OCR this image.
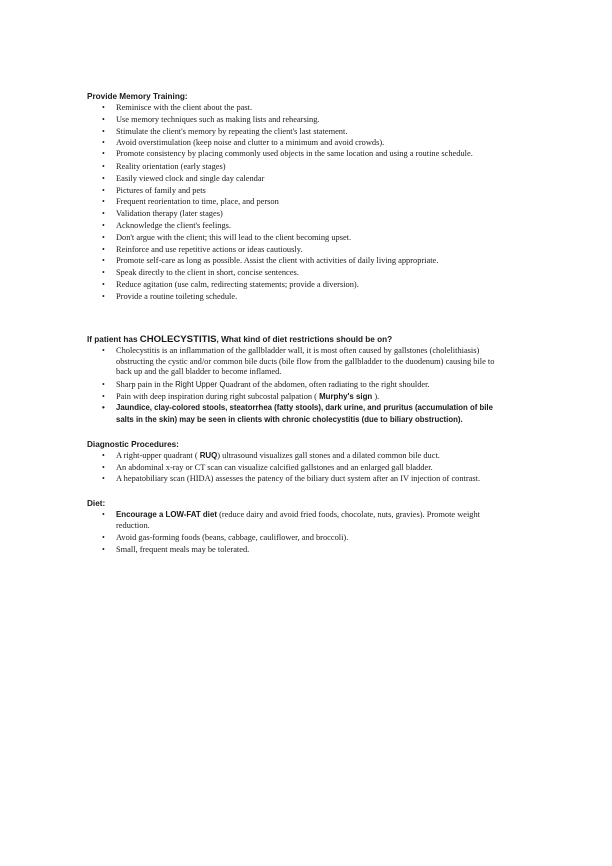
Provide Memory Training:
• Reminisce with the client about the past.
• Use memory techniques such as making lists and rehearsing.
• Stimulate the client's memory by repeating the client's last statement.
• Avoid overstimulation (keep noise and clutter to a minimum and avoid crowds).
• Promote consistency by placing commonly used objects in the same location and using a routine schedule.
• Reality orientation (early stages)
• Easily viewed clock and single day calendar
• Pictures of family and pets
• Frequent reorientation to time, place, and person
• Validation therapy (later stages)
• Acknowledge the client's feelings.
• Don't argue with the client; this will lead to the client becoming upset.
• Reinforce and use repetitive actions or ideas cautiously.
• Promote self-care as long as possible. Assist the client with activities of daily living appropriate.
• Speak directly to the client in short, concise sentences.
• Reduce agitation (use calm, redirecting statements; provide a diversion).
• Provide a routine toileting schedule.
If patient has CHOLECYSTITIS, What kind of diet restrictions should be on?
• Cholecystitis is an inflammation of the gallbladder wall, it is most often caused by gallstones (cholelithiasis) obstructing the cystic and/or common bile ducts (bile flow from the gallbladder to the duodenum) causing bile to back up and the gall bladder to become inflamed.
• Sharp pain in the Right Upper Quadrant of the abdomen, often radiating to the right shoulder.
• Pain with deep inspiration during right subcostal palpation ( Murphy's sign ).
• Jaundice, clay-colored stools, steatorrhea (fatty stools), dark urine, and pruritus (accumulation of bile salts in the skin) may be seen in clients with chronic cholecystitis (due to biliary obstruction).
Diagnostic Procedures:
• A right-upper quadrant ( RUQ) ultrasound visualizes gall stones and a dilated common bile duct.
• An abdominal x-ray or CT scan can visualize calcified gallstones and an enlarged gall bladder.
• A hepatobiliary scan (HIDA) assesses the patency of the biliary duct system after an IV injection of contrast.
Diet:
• Encourage a LOW-FAT diet (reduce dairy and avoid fried foods, chocolate, nuts, gravies). Promote weight reduction.
• Avoid gas-forming foods (beans, cabbage, cauliflower, and broccoli).
• Small, frequent meals may be tolerated.
